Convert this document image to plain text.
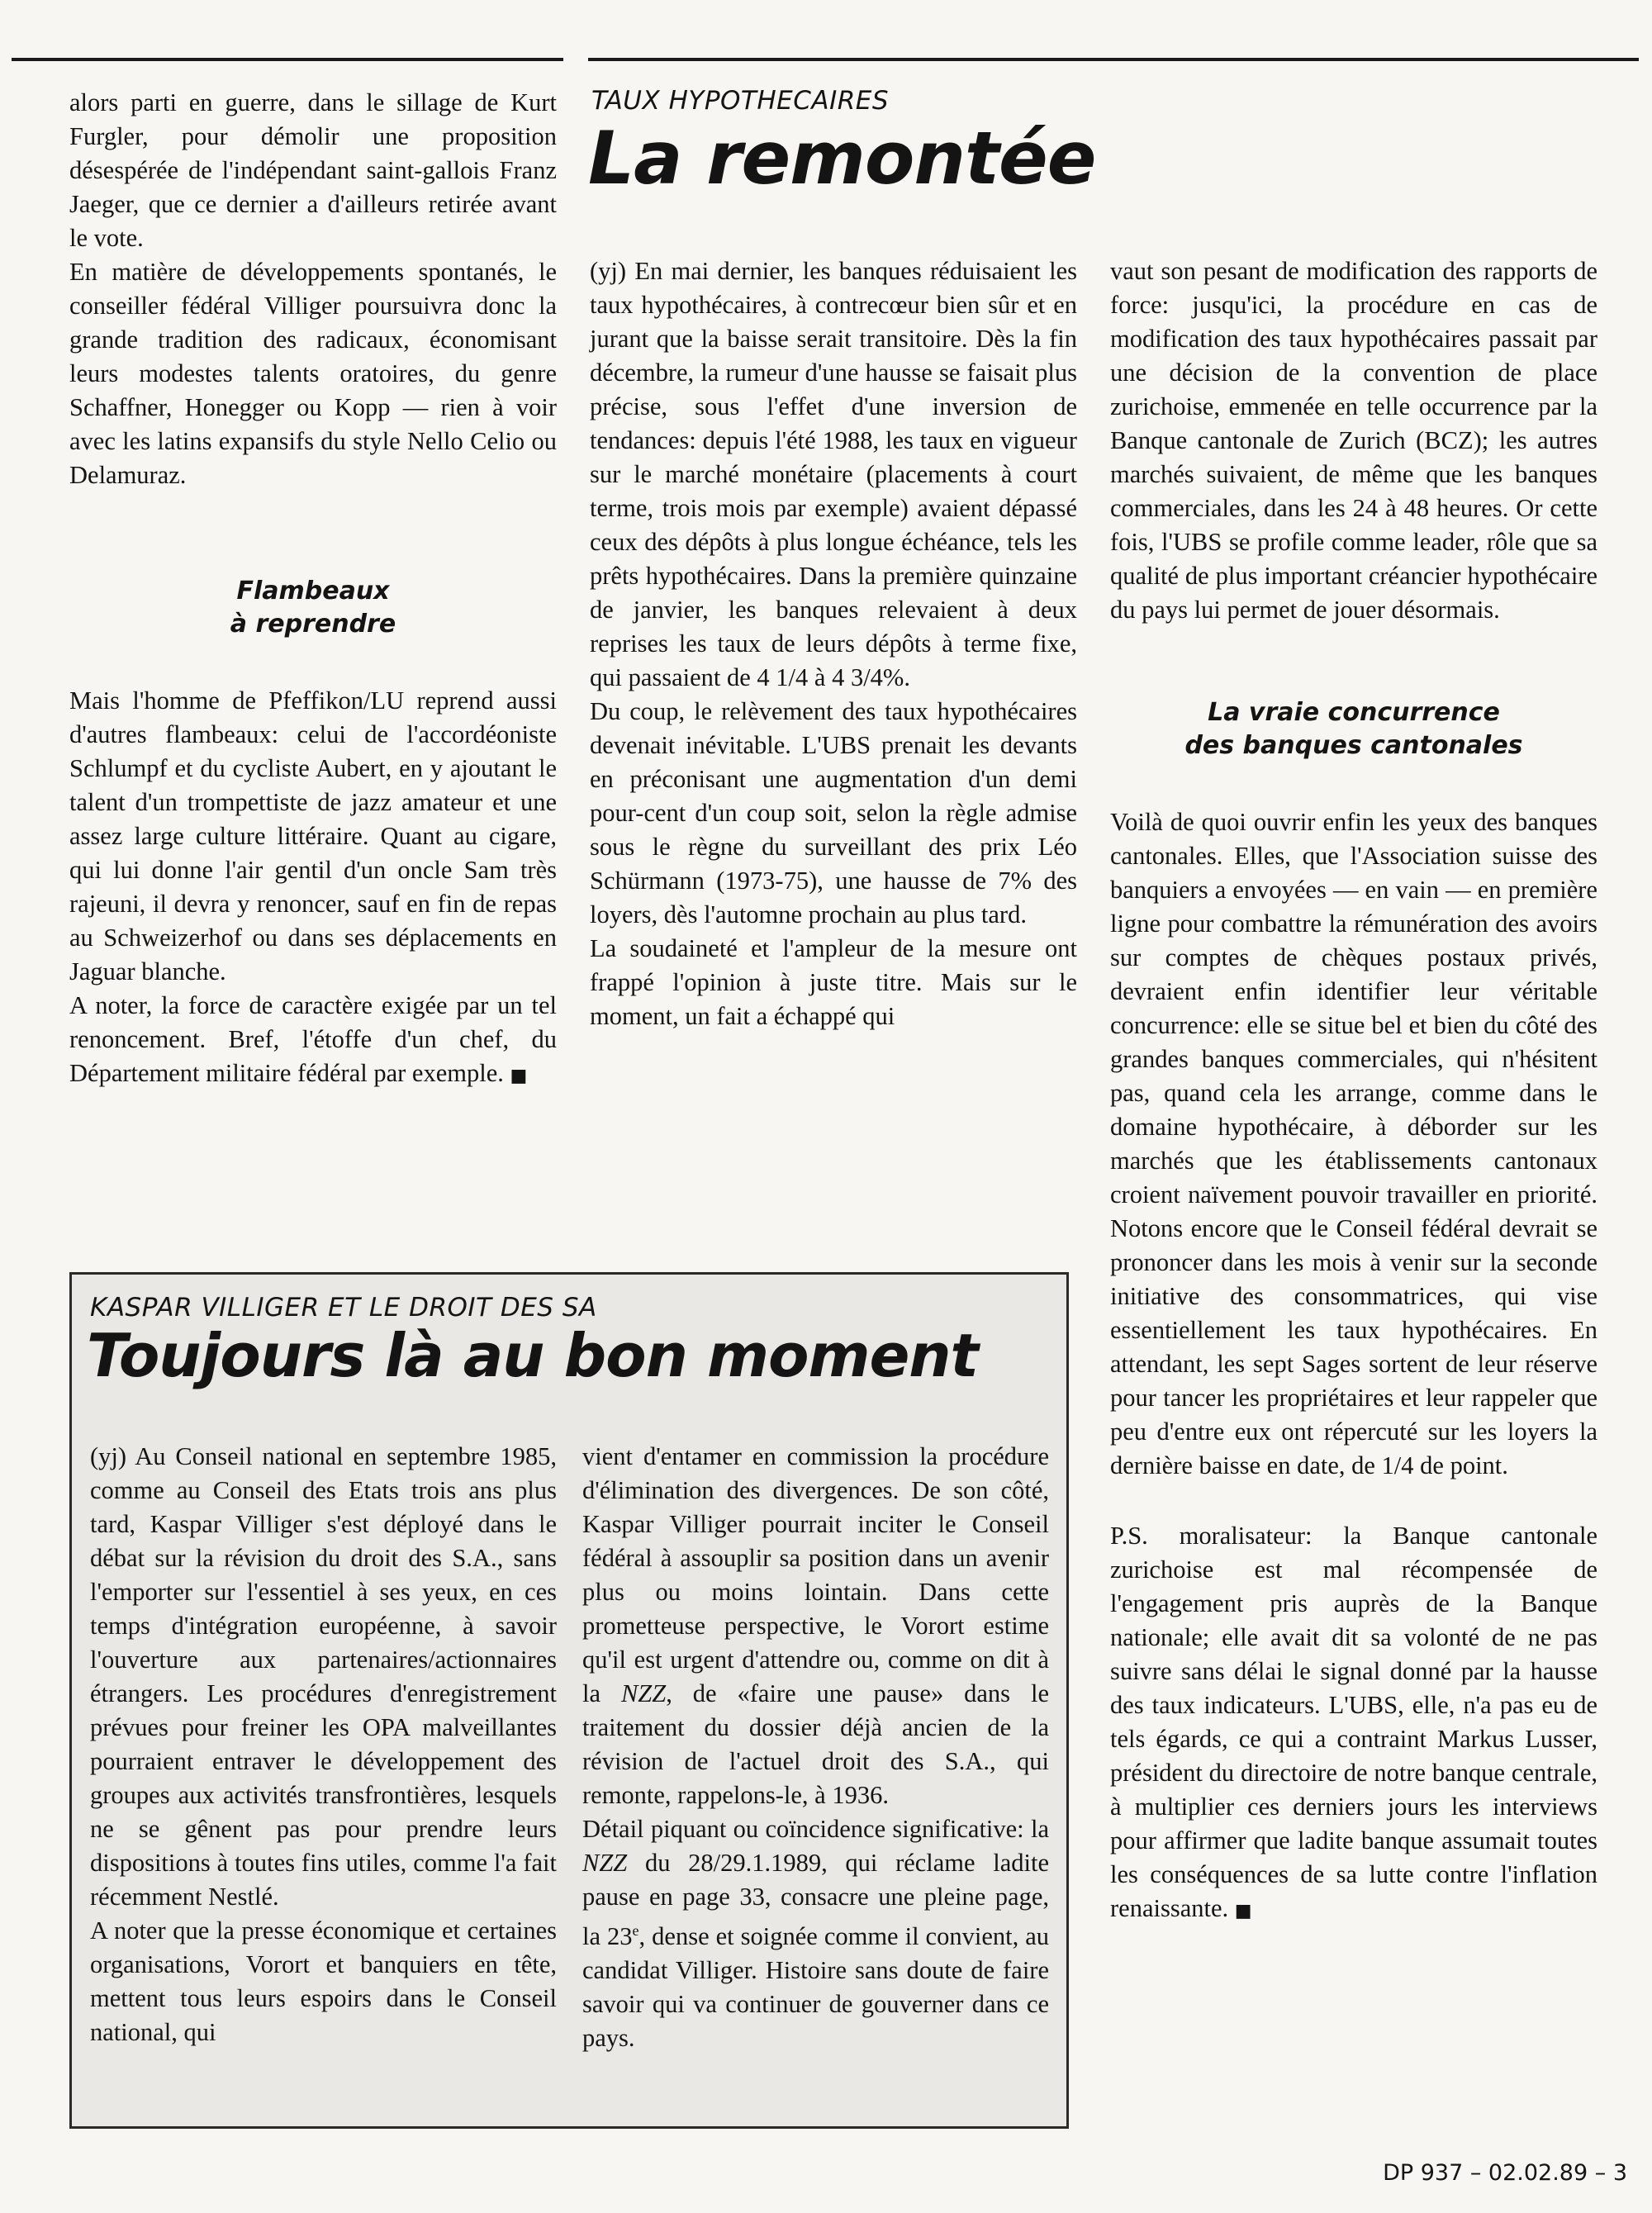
alors parti en guerre, dans le sillage de Kurt Furgler, pour démolir une proposition désespérée de l'indépendant saint-gallois Franz Jaeger, que ce dernier a d'ailleurs retirée avant le vote.

En matière de développements spontanés, le conseiller fédéral Villiger poursuivra donc la grande tradition des radicaux, économisant leurs modestes talents oratoires, du genre Schaffner, Honegger ou Kopp — rien à voir avec les latins expansifs du style Nello Celio ou Delamuraz.

Flambeaux
à reprendre

Mais l'homme de Pfeffikon/LU reprend aussi d'autres flambeaux: celui de l'accordéoniste Schlumpf et du cycliste Aubert, en y ajoutant le talent d'un trompettiste de jazz amateur et une assez large culture littéraire. Quant au cigare, qui lui donne l'air gentil d'un oncle Sam très rajeuni, il devra y renoncer, sauf en fin de repas au Schweizerhof ou dans ses déplacements en Jaguar blanche.

A noter, la force de caractère exigée par un tel renoncement. Bref, l'étoffe d'un chef, du Département militaire fédéral par exemple. ■

TAUX HYPOTHECAIRES
La remontée

(yj) En mai dernier, les banques réduisaient les taux hypothécaires, à contrecœur bien sûr et en jurant que la baisse serait transitoire. Dès la fin décembre, la rumeur d'une hausse se faisait plus précise, sous l'effet d'une inversion de tendances: depuis l'été 1988, les taux en vigueur sur le marché monétaire (placements à court terme, trois mois par exemple) avaient dépassé ceux des dépôts à plus longue échéance, tels les prêts hypothécaires. Dans la première quinzaine de janvier, les banques relevaient à deux reprises les taux de leurs dépôts à terme fixe, qui passaient de 4 1/4 à 4 3/4%.

Du coup, le relèvement des taux hypothécaires devenait inévitable. L'UBS prenait les devants en préconisant une augmentation d'un demi pour-cent d'un coup soit, selon la règle admise sous le règne du surveillant des prix Léo Schürmann (1973-75), une hausse de 7% des loyers, dès l'automne prochain au plus tard.

La soudaineté et l'ampleur de la mesure ont frappé l'opinion à juste titre. Mais sur le moment, un fait a échappé qui

vaut son pesant de modification des rapports de force: jusqu'ici, la procédure en cas de modification des taux hypothécaires passait par une décision de la convention de place zurichoise, emmenée en telle occurrence par la Banque cantonale de Zurich (BCZ); les autres marchés suivaient, de même que les banques commerciales, dans les 24 à 48 heures. Or cette fois, l'UBS se profile comme leader, rôle que sa qualité de plus important créancier hypothécaire du pays lui permet de jouer désormais.

La vraie concurrence
des banques cantonales

Voilà de quoi ouvrir enfin les yeux des banques cantonales. Elles, que l'Association suisse des banquiers a envoyées — en vain — en première ligne pour combattre la rémunération des avoirs sur comptes de chèques postaux privés, devraient enfin identifier leur véritable concurrence: elle se situe bel et bien du côté des grandes banques commerciales, qui n'hésitent pas, quand cela les arrange, comme dans le domaine hypothécaire, à déborder sur les marchés que les établissements cantonaux croient naïvement pouvoir travailler en priorité. Notons encore que le Conseil fédéral devrait se prononcer dans les mois à venir sur la seconde initiative des consommatrices, qui vise essentiellement les taux hypothécaires. En attendant, les sept Sages sortent de leur réserve pour tancer les propriétaires et leur rappeler que peu d'entre eux ont répercuté sur les loyers la dernière baisse en date, de 1/4 de point.

P.S. moralisateur: la Banque cantonale zurichoise est mal récompensée de l'engagement pris auprès de la Banque nationale; elle avait dit sa volonté de ne pas suivre sans délai le signal donné par la hausse des taux indicateurs. L'UBS, elle, n'a pas eu de tels égards, ce qui a contraint Markus Lusser, président du directoire de notre banque centrale, à multiplier ces derniers jours les interviews pour affirmer que ladite banque assumait toutes les conséquences de sa lutte contre l'inflation renaissante. ■

KASPAR VILLIGER ET LE DROIT DES SA
Toujours là au bon moment

(yj) Au Conseil national en septembre 1985, comme au Conseil des Etats trois ans plus tard, Kaspar Villiger s'est déployé dans le débat sur la révision du droit des S.A., sans l'emporter sur l'essentiel à ses yeux, en ces temps d'intégration européenne, à savoir l'ouverture aux partenaires/actionnaires étrangers. Les procédures d'enregistrement prévues pour freiner les OPA malveillantes pourraient entraver le développement des groupes aux activités transfrontières, lesquels ne se gênent pas pour prendre leurs dispositions à toutes fins utiles, comme l'a fait récemment Nestlé.

A noter que la presse économique et certaines organisations, Vorort et banquiers en tête, mettent tous leurs espoirs dans le Conseil national, qui

vient d'entamer en commission la procédure d'élimination des divergences. De son côté, Kaspar Villiger pourrait inciter le Conseil fédéral à assouplir sa position dans un avenir plus ou moins lointain. Dans cette prometteuse perspective, le Vorort estime qu'il est urgent d'attendre ou, comme on dit à la NZZ, de «faire une pause» dans le traitement du dossier déjà ancien de la révision de l'actuel droit des S.A., qui remonte, rappelons-le, à 1936.

Détail piquant ou coïncidence significative: la NZZ du 28/29.1.1989, qui réclame ladite pause en page 33, consacre une pleine page, la 23e, dense et soignée comme il convient, au candidat Villiger. Histoire sans doute de faire savoir qui va continuer de gouverner dans ce pays.

DP 937 – 02.02.89 – 3
